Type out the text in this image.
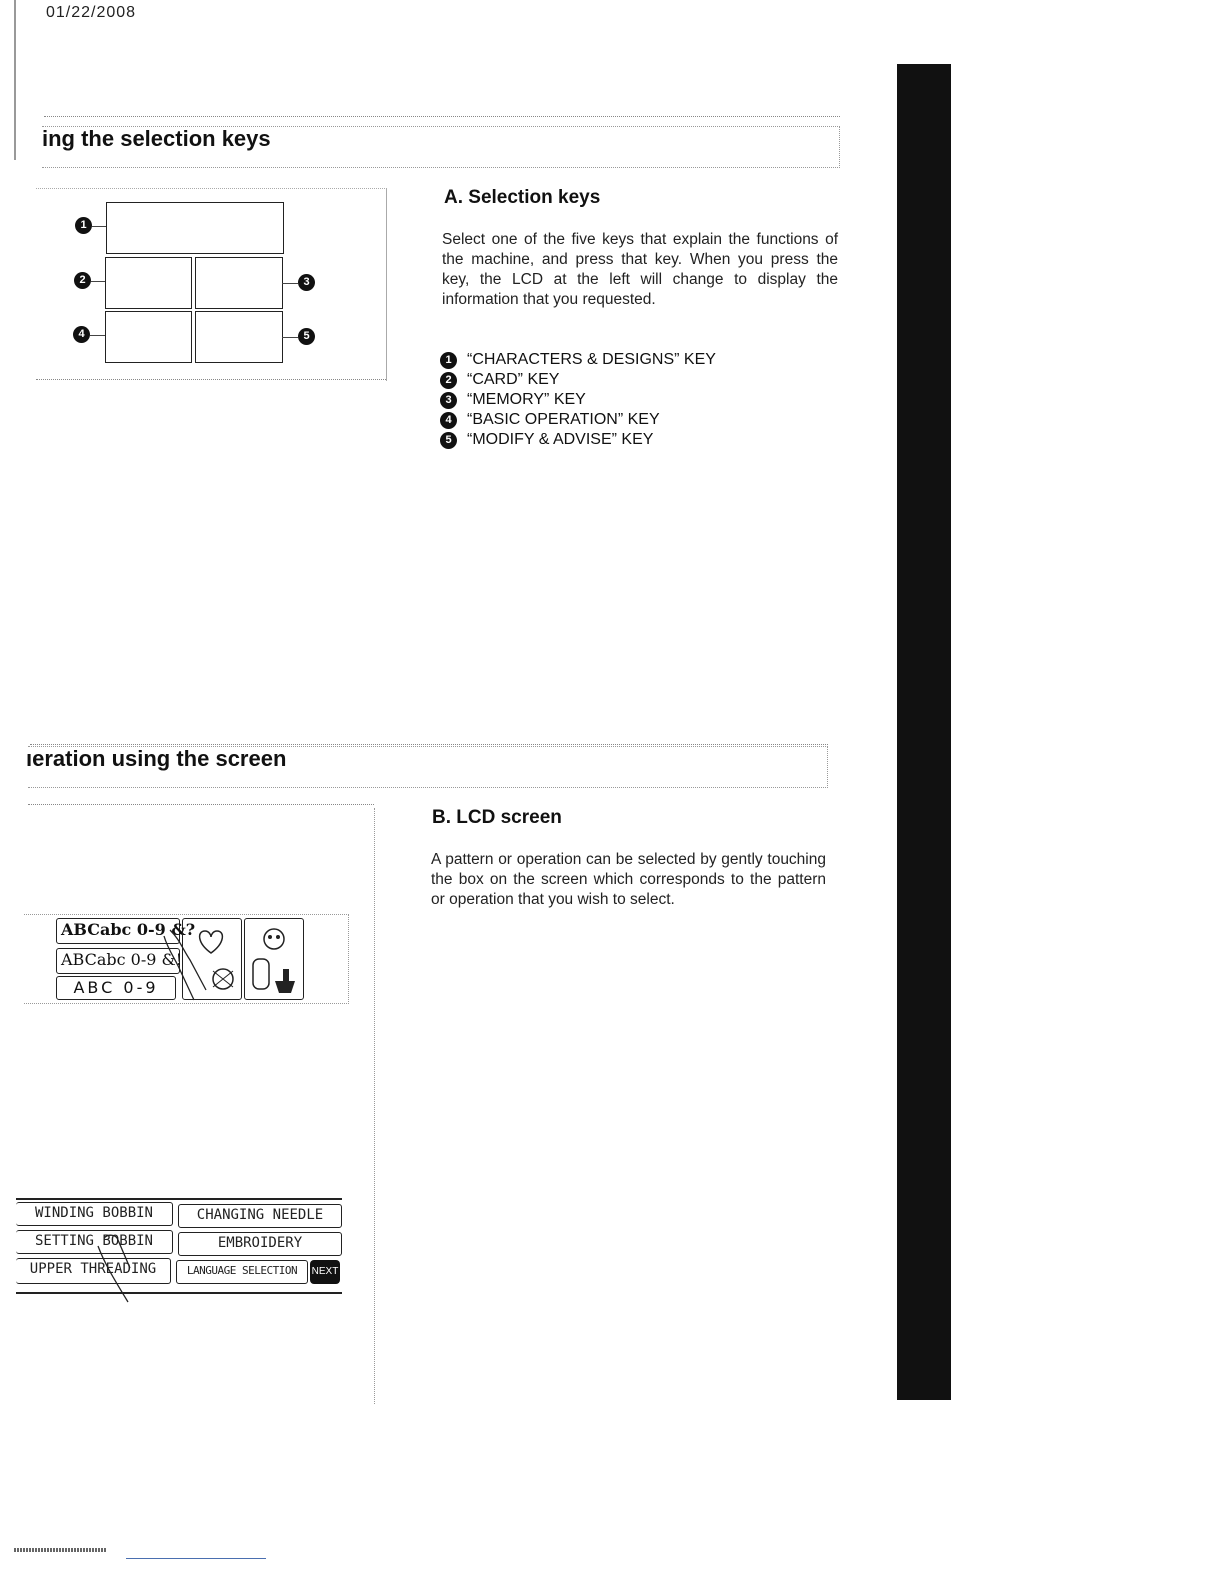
01/22/2008
ing the selection keys
1
2	3
4	5
A. Selection keys
Select one of the five keys that explain the functions of the machine, and press that key. When you press the key, the LCD at the left will change to display the information that you requested.
1 “CHARACTERS & DESIGNS” KEY
2 “CARD” KEY
3 “MEMORY” KEY
4 “BASIC OPERATION” KEY
5 “MODIFY & ADVISE” KEY
ıeration using the screen
ABCabc 0-9 &?
ABCabc 0-9 &!
ABC 0-9
WINDING BOBBIN	CHANGING NEEDLE
SETTING BOBBIN	EMBROIDERY
UPPER THREADING	LANGUAGE SELECTION	NEXT
B. LCD screen
A pattern or operation can be selected by gently touching the box on the screen which corresponds to the pattern or operation that you wish to select.
